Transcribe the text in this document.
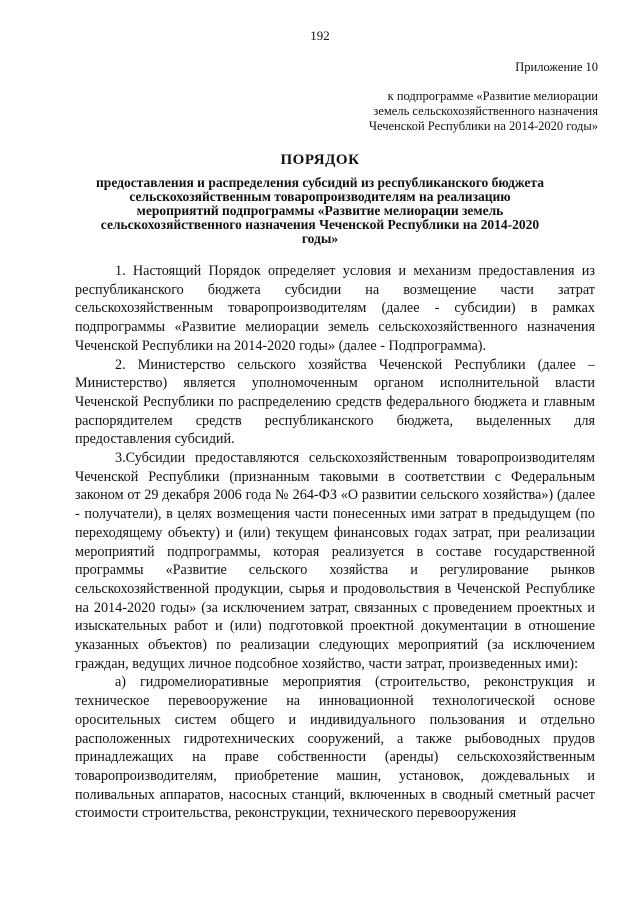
192
Приложение 10
к подпрограмме «Развитие мелиорации
земель сельскохозяйственного назначения
Чеченской Республики на 2014-2020 годы»
ПОРЯДОК
предоставления и распределения субсидий из республиканского бюджета сельскохозяйственным товаропроизводителям на реализацию мероприятий подпрограммы «Развитие мелиорации земель сельскохозяйственного назначения Чеченской Республики на 2014-2020 годы»

1. Настоящий Порядок определяет условия и механизм предоставления из республиканского бюджета субсидии на возмещение части затрат сельскохозяйственным товаропроизводителям (далее - субсидии) в рамках подпрограммы «Развитие мелиорации земель сельскохозяйственного назначения Чеченской Республики на 2014-2020 годы» (далее - Подпрограмма).

2. Министерство сельского хозяйства Чеченской Республики (далее – Министерство) является уполномоченным органом исполнительной власти Чеченской Республики по распределению средств федерального бюджета и главным распорядителем средств республиканского бюджета, выделенных для предоставления субсидий.

3.Субсидии предоставляются сельскохозяйственным товаропроизводителям Чеченской Республики (признанным таковыми в соответствии с Федеральным законом от 29 декабря 2006 года № 264-ФЗ «О развитии сельского хозяйства») (далее - получатели), в целях возмещения части понесенных ими затрат в предыдущем (по переходящему объекту) и (или) текущем финансовых годах затрат, при реализации мероприятий подпрограммы, которая реализуется в составе государственной программы «Развитие сельского хозяйства и регулирование рынков сельскохозяйственной продукции, сырья и продовольствия в Чеченской Республике на 2014-2020 годы» (за исключением затрат, связанных с проведением проектных и изыскательных работ и (или) подготовкой проектной документации в отношение указанных объектов) по реализации следующих мероприятий (за исключением граждан, ведущих личное подсобное хозяйство, части затрат, произведенных ими):

а) гидромелиоративные мероприятия (строительство, реконструкция и техническое перевооружение на инновационной технологической основе оросительных систем общего и индивидуального пользования и отдельно расположенных гидротехнических сооружений, а также рыбоводных прудов принадлежащих на праве собственности (аренды) сельскохозяйственным товаропроизводителям, приобретение машин, установок, дождевальных и поливальных аппаратов, насосных станций, включенных в сводный сметный расчет стоимости строительства, реконструкции, технического перевооружения
